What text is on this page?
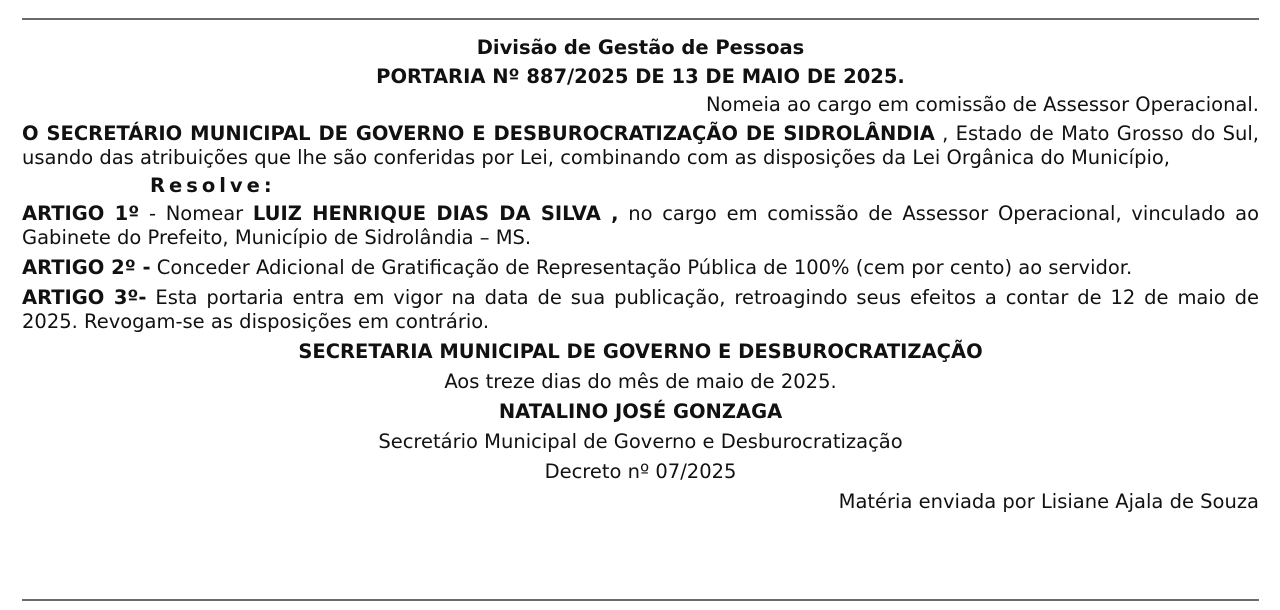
Divisão de Gestão de Pessoas
PORTARIA Nº 887/2025 DE 13 DE MAIO DE 2025.
Nomeia ao cargo em comissão de Assessor Operacional.
O SECRETÁRIO MUNICIPAL DE GOVERNO E DESBUROCRATIZAÇÃO DE SIDROLÂNDIA , Estado de Mato Grosso do Sul, usando das atribuições que lhe são conferidas por Lei, combinando com as disposições da Lei Orgânica do Município,
Resolve:
ARTIGO 1º - Nomear LUIZ HENRIQUE DIAS DA SILVA , no cargo em comissão de Assessor Operacional, vinculado ao Gabinete do Prefeito, Município de Sidrolândia – MS.
ARTIGO 2º - Conceder Adicional de Gratificação de Representação Pública de 100% (cem por cento) ao servidor.
ARTIGO 3º- Esta portaria entra em vigor na data de sua publicação, retroagindo seus efeitos a contar de 12 de maio de 2025. Revogam-se as disposições em contrário.
SECRETARIA MUNICIPAL DE GOVERNO E DESBUROCRATIZAÇÃO
Aos treze dias do mês de maio de 2025.
NATALINO JOSÉ GONZAGA
Secretário Municipal de Governo e Desburocratização
Decreto nº 07/2025
Matéria enviada por Lisiane Ajala de Souza
